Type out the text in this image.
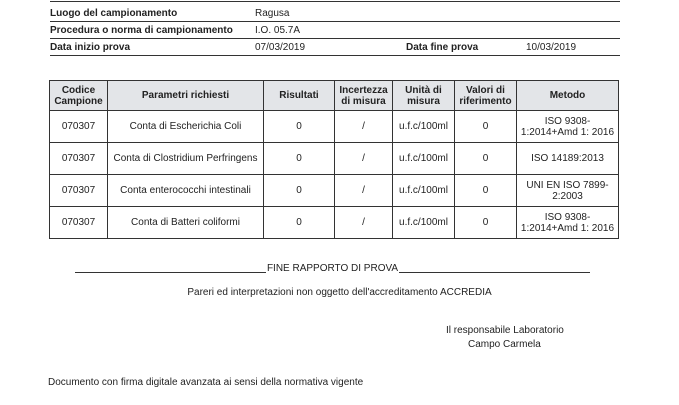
Luogo del campionamento	Ragusa
Procedura o norma di campionamento	I.O. 05.7A
Data inizio prova	07/03/2019	Data fine prova	10/03/2019
Codice Campione	Parametri richiesti	Risultati	Incertezza di misura	Unità di misura	Valori di riferimento	Metodo
070307	Conta di Escherichia Coli	0	/	u.f.c/100ml	0	ISO 9308-1:2014+Amd 1: 2016
070307	Conta di Clostridium Perfringens	0	/	u.f.c/100ml	0	ISO 14189:2013
070307	Conta enterococchi intestinali	0	/	u.f.c/100ml	0	UNI EN ISO 7899-2:2003
070307	Conta di Batteri coliformi	0	/	u.f.c/100ml	0	ISO 9308-1:2014+Amd 1: 2016
FINE RAPPORTO DI PROVA
Pareri ed interpretazioni non oggetto dell'accreditamento ACCREDIA
Il responsabile Laboratorio
Campo Carmela
Documento con firma digitale avanzata ai sensi della normativa vigente
